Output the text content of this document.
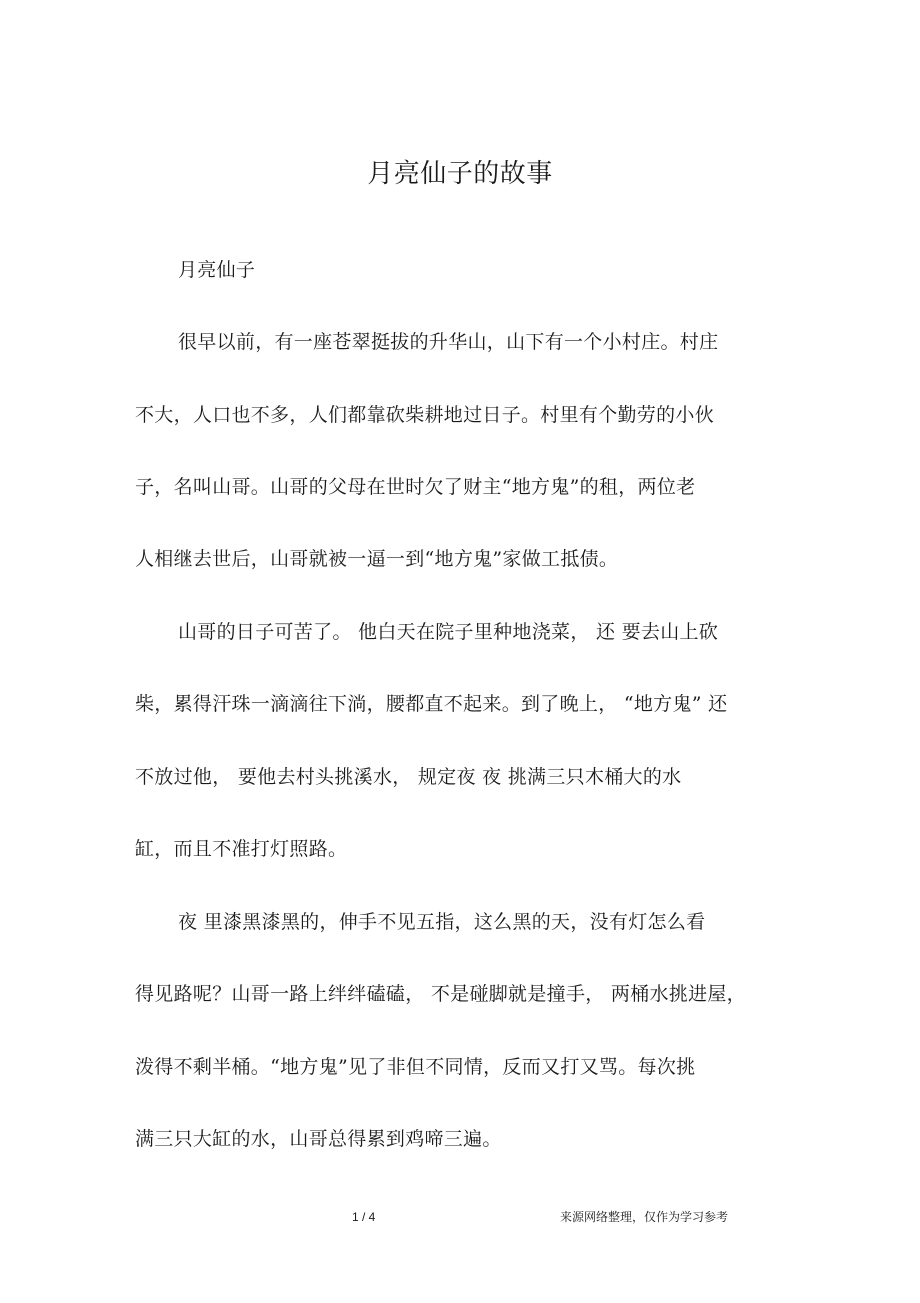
月亮仙子的故事
月亮仙子
很早以前，有一座苍翠挺拔的升华山，山下有一个小村庄。村庄
不大，人口也不多，人们都靠砍柴耕地过日子。村里有个勤劳的小伙
子，名叫山哥。山哥的父母在世时欠了财主“地方鬼”的租，两位老
人相继去世后，山哥就被一逼一到“地方鬼”家做工抵债。
山哥的日子可苦了。 他白天在院子里种地浇菜， 还 要去山上砍
柴，累得汗珠一滴滴往下淌，腰都直不起来。到了晚上， “地方鬼” 还
不放过他， 要他去村头挑溪水， 规定夜 夜 挑满三只木桶大的水
缸，而且不准打灯照路。
夜 里漆黑漆黑的，伸手不见五指，这么黑的天，没有灯怎么看
得见路呢？山哥一路上绊绊磕磕， 不是碰脚就是撞手， 两桶水挑进屋，
泼得不剩半桶。“地方鬼”见了非但不同情，反而又打又骂。每次挑
满三只大缸的水，山哥总得累到鸡啼三遍。
1 / 4	来源网络整理，仅作为学习参考
